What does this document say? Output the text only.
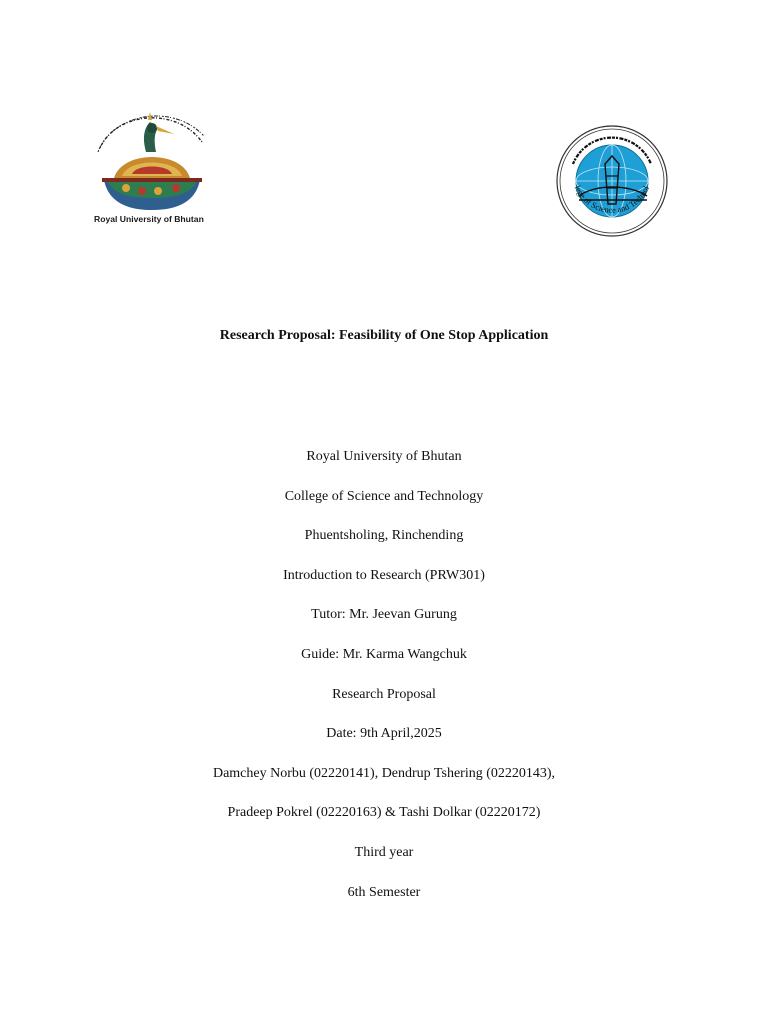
Royal University of Bhutan
lege of Science and Technol
Research Proposal: Feasibility of One Stop Application
Royal University of Bhutan
College of Science and Technology
Phuentsholing, Rinchending
Introduction to Research (PRW301)
Tutor: Mr. Jeevan Gurung
Guide: Mr. Karma Wangchuk
Research Proposal
Date: 9th April,2025
Damchey Norbu (02220141), Dendrup Tshering (02220143),
Pradeep Pokrel (02220163) & Tashi Dolkar (02220172)
Third year
6th Semester
